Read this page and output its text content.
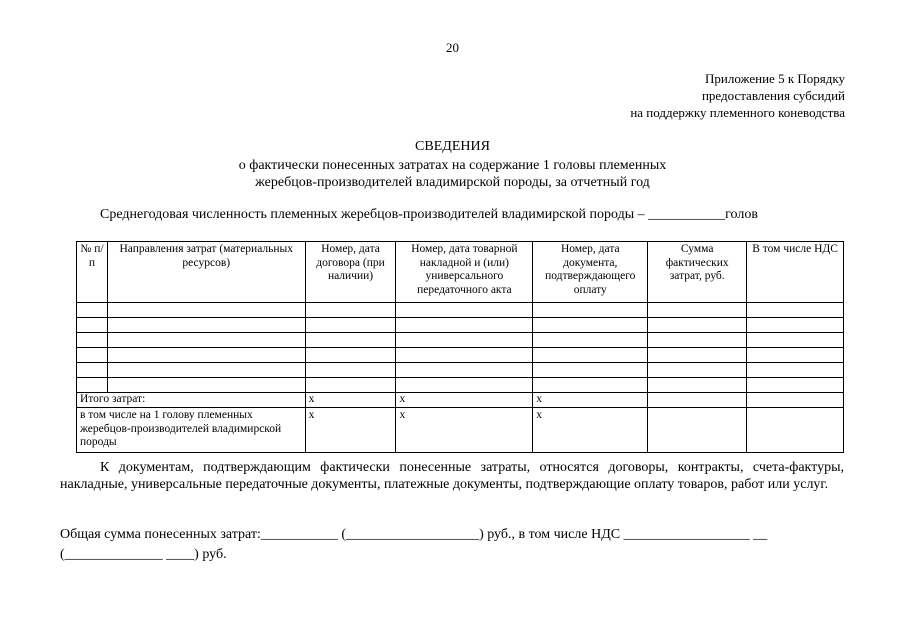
20
Приложение 5 к Порядку
предоставления субсидий
на поддержку племенного коневодства
СВЕДЕНИЯ
о фактически понесенных затратах на содержание 1 головы племенных
жеребцов-производителей владимирской породы, за отчетный год
Среднегодовая численность племенных жеребцов-производителей владимирской породы – ___________голов
№ п/п	Направления затрат (материальных ресурсов)	Номер, дата договора (при наличии)	Номер, дата товарной накладной и (или) универсального передаточного акта	Номер, дата документа, подтверждающего оплату	Сумма фактических затрат, руб.	В том числе НДС

Итого затрат:		x	x	x		
в том числе на 1 голову племенных жеребцов-производителей владимирской породы		x	x	x		
К документам, подтверждающим фактически понесенные затраты, относятся договоры, контракты, счета-фактуры, накладные, универсальные передаточные документы, платежные документы, подтверждающие оплату товаров, работ или услуг.
Общая сумма понесенных затрат:___________ (___________________) руб., в том числе НДС __________________ __
(______________ ____) руб.
